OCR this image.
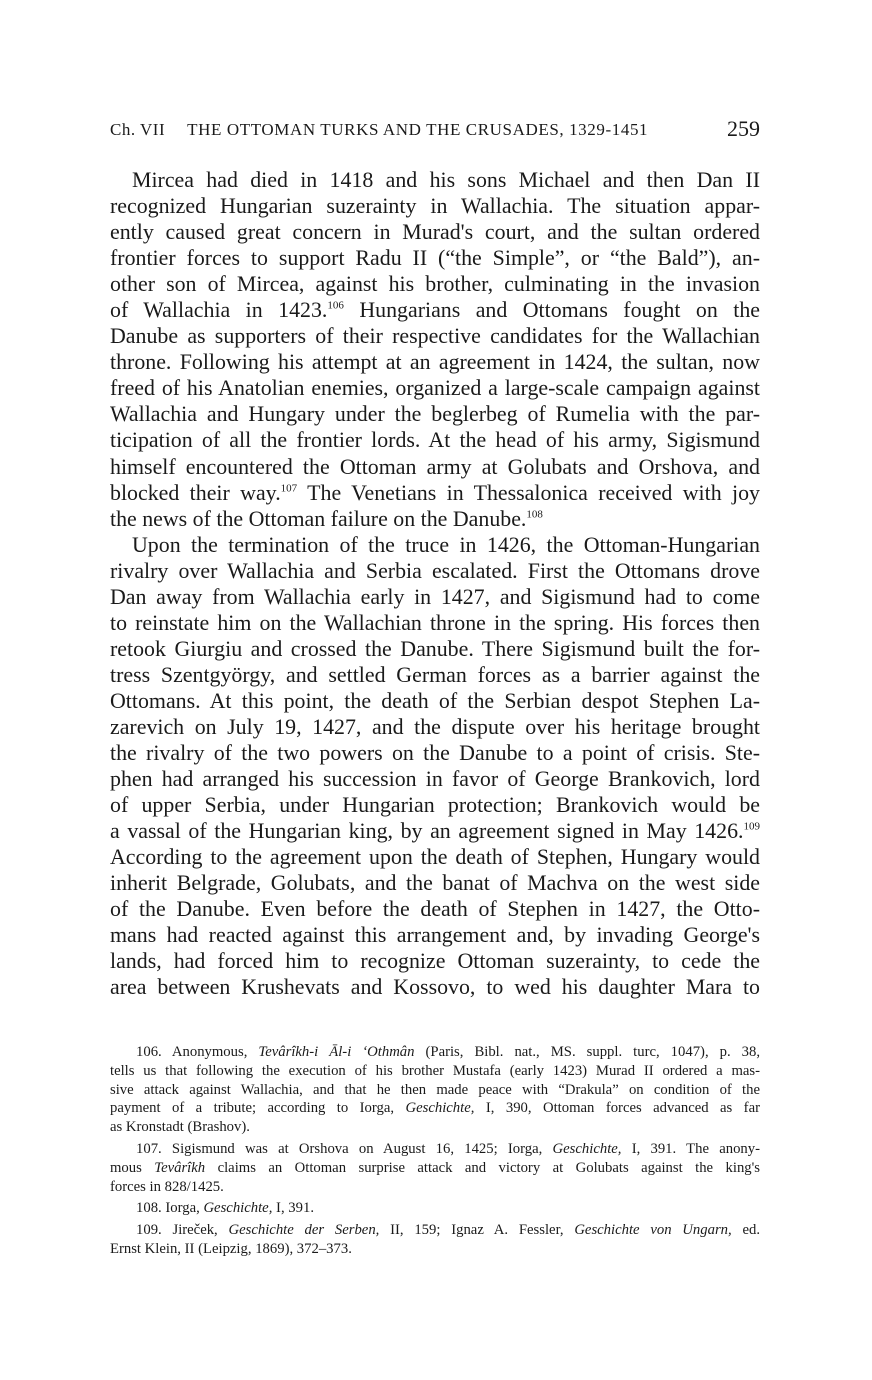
Ch. VII THE OTTOMAN TURKS AND THE CRUSADES, 1329-1451	259
Mircea had died in 1418 and his sons Michael and then Dan II
recognized Hungarian suzerainty in Wallachia. The situation appar-
ently caused great concern in Murad's court, and the sultan ordered
frontier forces to support Radu II (“the Simple”, or “the Bald”), an-
other son of Mircea, against his brother, culminating in the invasion
of Wallachia in 1423.$^{106}$ Hungarians and Ottomans fought on the
Danube as supporters of their respective candidates for the Wallachian
throne. Following his attempt at an agreement in 1424, the sultan, now
freed of his Anatolian enemies, organized a large-scale campaign against
Wallachia and Hungary under the beglerbeg of Rumelia with the par-
ticipation of all the frontier lords. At the head of his army, Sigismund
himself encountered the Ottoman army at Golubats and Orshova, and
blocked their way.$^{107}$ The Venetians in Thessalonica received with joy
the news of the Ottoman failure on the Danube.$^{108}$
Upon the termination of the truce in 1426, the Ottoman-Hungarian
rivalry over Wallachia and Serbia escalated. First the Ottomans drove
Dan away from Wallachia early in 1427, and Sigismund had to come
to reinstate him on the Wallachian throne in the spring. His forces then
retook Giurgiu and crossed the Danube. There Sigismund built the for-
tress Szentgyörgy, and settled German forces as a barrier against the
Ottomans. At this point, the death of the Serbian despot Stephen La-
zarevich on July 19, 1427, and the dispute over his heritage brought
the rivalry of the two powers on the Danube to a point of crisis. Ste-
phen had arranged his succession in favor of George Brankovich, lord
of upper Serbia, under Hungarian protection; Brankovich would be
a vassal of the Hungarian king, by an agreement signed in May 1426.$^{109}$
According to the agreement upon the death of Stephen, Hungary would
inherit Belgrade, Golubats, and the banat of Machva on the west side
of the Danube. Even before the death of Stephen in 1427, the Otto-
mans had reacted against this arrangement and, by invading George's
lands, had forced him to recognize Ottoman suzerainty, to cede the
area between Krushevats and Kossovo, to wed his daughter Mara to
106. Anonymous, Tevârîkh-i Āl-i ‘Othmân (Paris, Bibl. nat., MS. suppl. turc, 1047), p. 38,
tells us that following the execution of his brother Mustafa (early 1423) Murad II ordered a mas-
sive attack against Wallachia, and that he then made peace with “Drakula” on condition of the
payment of a tribute; according to Iorga, Geschichte, I, 390, Ottoman forces advanced as far
as Kronstadt (Brashov).
107. Sigismund was at Orshova on August 16, 1425; Iorga, Geschichte, I, 391. The anony-
mous Tevârîkh claims an Ottoman surprise attack and victory at Golubats against the king's
forces in 828/1425.
108. Iorga, Geschichte, I, 391.
109. Jireček, Geschichte der Serben, II, 159; Ignaz A. Fessler, Geschichte von Ungarn, ed.
Ernst Klein, II (Leipzig, 1869), 372–373.
